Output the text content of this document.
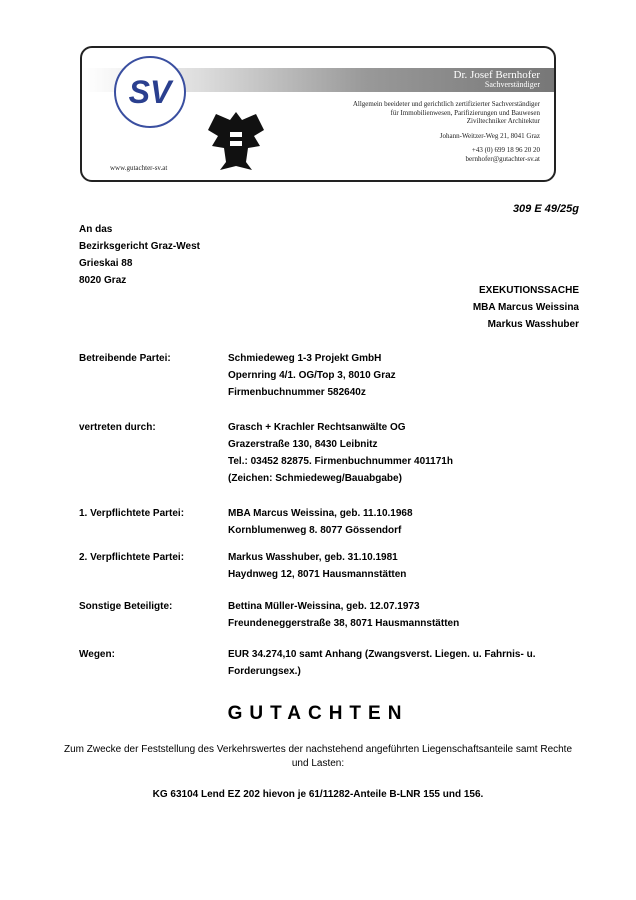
SV	Dr. Josef Bernhofer
Sachverständiger
Allgemein beeideter und gerichtlich zertifizierter Sachverständiger
für Immobilienwesen, Parifizierungen und Bauwesen
Ziviltechniker Architektur
Johann-Weitzer-Weg 21, 8041 Graz
+43 (0) 699 18 96 20 20
bernhofer@gutachter-sv.at
www.gutachter-sv.at
309 E 49/25g
An das
Bezirksgericht Graz-West
Grieskai 88
8020 Graz
EXEKUTIONSSACHE
MBA Marcus Weissina
Markus Wasshuber
Betreibende Partei:	Schmiedeweg 1-3 Projekt GmbH
Opernring 4/1. OG/Top 3, 8010 Graz
Firmenbuchnummer 582640z
vertreten durch:	Grasch + Krachler Rechtsanwälte OG
Grazerstraße 130, 8430 Leibnitz
Tel.: 03452 82875. Firmenbuchnummer 401171h
(Zeichen: Schmiedeweg/Bauabgabe)
1. Verpflichtete Partei:	MBA Marcus Weissina, geb. 11.10.1968
Kornblumenweg 8. 8077 Gössendorf
2. Verpflichtete Partei:	Markus Wasshuber, geb. 31.10.1981
Haydnweg 12, 8071 Hausmannstätten
Sonstige Beteiligte:	Bettina Müller-Weissina, geb. 12.07.1973
Freundeneggerstraße 38, 8071 Hausmannstätten
Wegen:	EUR 34.274,10 samt Anhang (Zwangsverst. Liegen. u. Fahrnis- u.
Forderungsex.)
GUTACHTEN
Zum Zwecke der Feststellung des Verkehrswertes der nachstehend angeführten Liegenschaftsanteile samt Rechte und Lasten:
KG 63104 Lend EZ 202 hievon je 61/11282-Anteile B-LNR 155 und 156.
